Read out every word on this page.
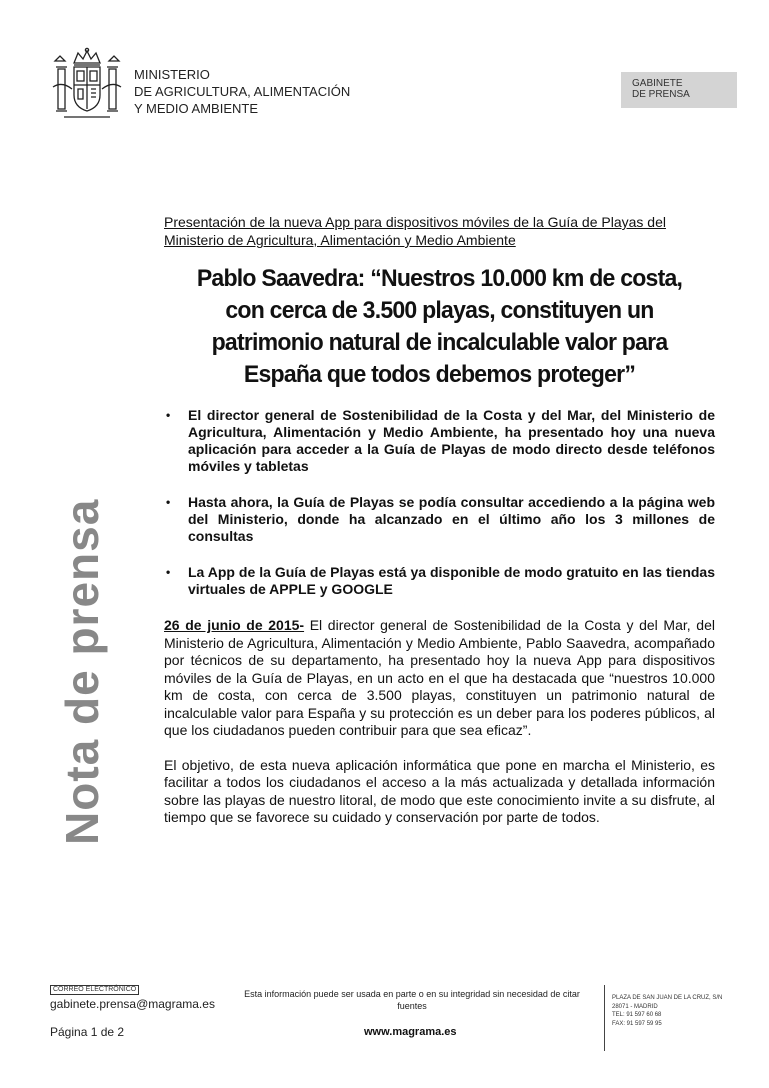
MINISTERIO
DE AGRICULTURA, ALIMENTACIÓN
Y MEDIO AMBIENTE
GABINETE
DE PRENSA
Nota de prensa
Presentación de la nueva App para dispositivos móviles de la Guía de Playas del Ministerio de Agricultura, Alimentación y Medio Ambiente
Pablo Saavedra: “Nuestros 10.000 km de costa, con cerca de 3.500 playas, constituyen un patrimonio natural de incalculable valor para España que todos debemos proteger”
• El director general de Sostenibilidad de la Costa y del Mar, del Ministerio de Agricultura, Alimentación y Medio Ambiente, ha presentado hoy una nueva aplicación para acceder a la Guía de Playas de modo directo desde teléfonos móviles y tabletas
• Hasta ahora, la Guía de Playas se podía consultar accediendo a la página web del Ministerio, donde ha alcanzado en el último año los 3 millones de consultas
• La App de la Guía de Playas está ya disponible de modo gratuito en las tiendas virtuales de APPLE y GOOGLE

26 de junio de 2015- El director general de Sostenibilidad de la Costa y del Mar, del Ministerio de Agricultura, Alimentación y Medio Ambiente, Pablo Saavedra, acompañado por técnicos de su departamento, ha presentado hoy la nueva App para dispositivos móviles de la Guía de Playas, en un acto en el que ha destacada que “nuestros 10.000 km de costa, con cerca de 3.500 playas, constituyen un patrimonio natural de incalculable valor para España y su protección es un deber para los poderes públicos, al que los ciudadanos pueden contribuir para que sea eficaz”.

El objetivo, de esta nueva aplicación informática que pone en marcha el Ministerio, es facilitar a todos los ciudadanos el acceso a la más actualizada y detallada información sobre las playas de nuestro litoral, de modo que este conocimiento invite a su disfrute, al tiempo que se favorece su cuidado y conservación por parte de todos.

CORREO ELECTRÓNICO
gabinete.prensa@magrama.es
Esta información puede ser usada en parte o en su integridad sin necesidad de citar fuentes
PLAZA DE SAN JUAN DE LA CRUZ, S/N
28071 - MADRID
TEL: 91 597 60 68
FAX: 91 597 59 95
Página 1 de 2	www.magrama.es
